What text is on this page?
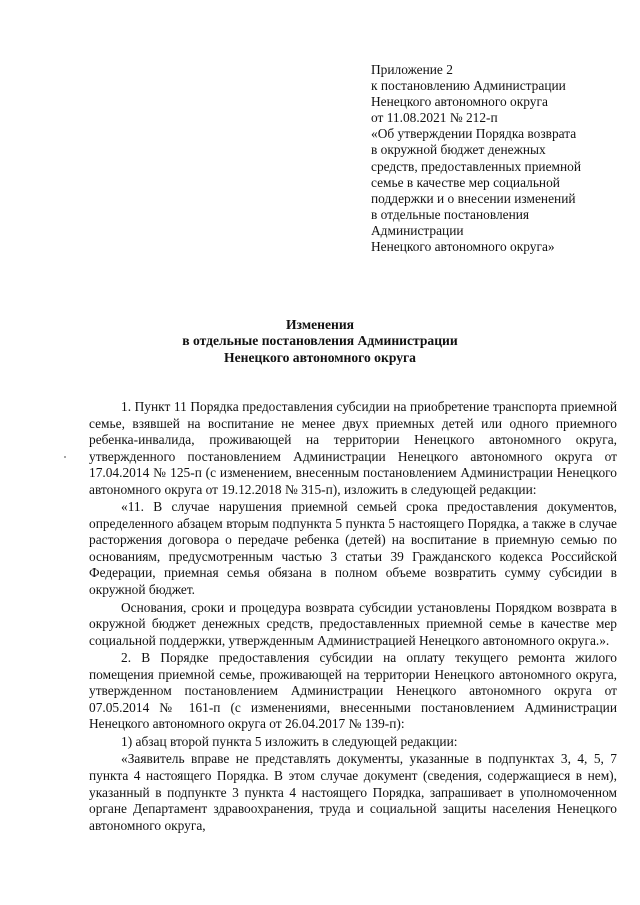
Приложение 2
к постановлению Администрации
Ненецкого автономного округа
от 11.08.2021 № 212-п
«Об утверждении Порядка возврата
в окружной бюджет денежных
средств, предоставленных приемной
семье в качестве мер социальной
поддержки и о внесении изменений
в отдельные постановления
Администрации
Ненецкого автономного округа»
Изменения
в отдельные постановления Администрации
Ненецкого автономного округа

1. Пункт 11 Порядка предоставления субсидии на приобретение транспорта приемной семье, взявшей на воспитание не менее двух приемных детей или одного приемного ребенка-инвалида, проживающей на территории Ненецкого автономного округа, утвержденного постановлением Администрации Ненецкого автономного округа от 17.04.2014 № 125-п (с изменением, внесенным постановлением Администрации Ненецкого автономного округа от 19.12.2018 № 315-п), изложить в следующей редакции:

«11. В случае нарушения приемной семьей срока предоставления документов, определенного абзацем вторым подпункта 5 пункта 5 настоящего Порядка, а также в случае расторжения договора о передаче ребенка (детей) на воспитание в приемную семью по основаниям, предусмотренным частью 3 статьи 39 Гражданского кодекса Российской Федерации, приемная семья обязана в полном объеме возвратить сумму субсидии в окружной бюджет.

Основания, сроки и процедура возврата субсидии установлены Порядком возврата в окружной бюджет денежных средств, предоставленных приемной семье в качестве мер социальной поддержки, утвержденным Администрацией Ненецкого автономного округа.».

2. В Порядке предоставления субсидии на оплату текущего ремонта жилого помещения приемной семье, проживающей на территории Ненецкого автономного округа, утвержденном постановлением Администрации Ненецкого автономного округа от 07.05.2014 № 161-п (с изменениями, внесенными постановлением Администрации Ненецкого автономного округа от 26.04.2017 № 139-п):

1) абзац второй пункта 5 изложить в следующей редакции:

«Заявитель вправе не представлять документы, указанные в подпунктах 3, 4, 5, 7 пункта 4 настоящего Порядка. В этом случае документ (сведения, содержащиеся в нем), указанный в подпункте 3 пункта 4 настоящего Порядка, запрашивает в уполномоченном органе Департамент здравоохранения, труда и социальной защиты населения Ненецкого автономного округа,
